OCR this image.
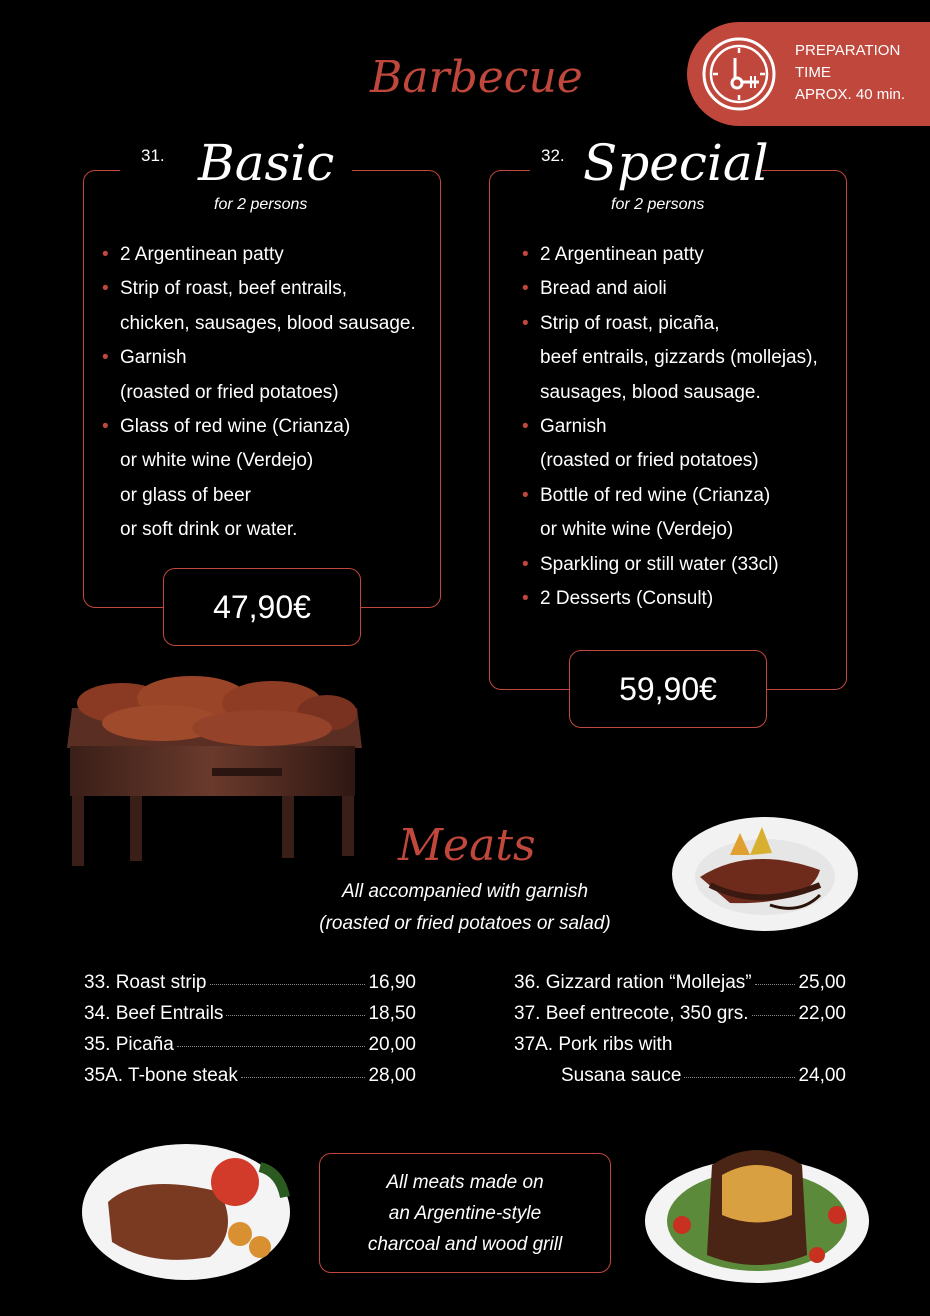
PREPARATION
TIME
APROX. 40 min.
Barbecue
31. Basic
for 2 persons
• 2 Argentinean patty
• Strip of roast, beef entrails,
chicken, sausages, blood sausage.
• Garnish
(roasted or fried potatoes)
• Glass of red wine (Crianza)
or white wine (Verdejo)
or glass of beer
or soft drink or water.
47,90€
32. Special
for 2 persons
• 2 Argentinean patty
• Bread and aioli
• Strip of roast, picaña,
beef entrails, gizzards (mollejas),
sausages, blood sausage.
• Garnish
(roasted or fried potatoes)
• Bottle of red wine (Crianza)
or white wine (Verdejo)
• Sparkling or still water (33cl)
• 2 Desserts (Consult)
59,90€
Meats
All accompanied with garnish
(roasted or fried potatoes or salad)
33. Roast strip	16,90
34. Beef Entrails	18,50
35. Picaña	20,00
35A. T-bone steak	28,00
36. Gizzard ration “Mollejas” 25,00
37. Beef entrecote, 350 grs.	22,00
37A. Pork ribs with
Susana sauce	24,00
All meats made on
an Argentine-style
charcoal and wood grill
